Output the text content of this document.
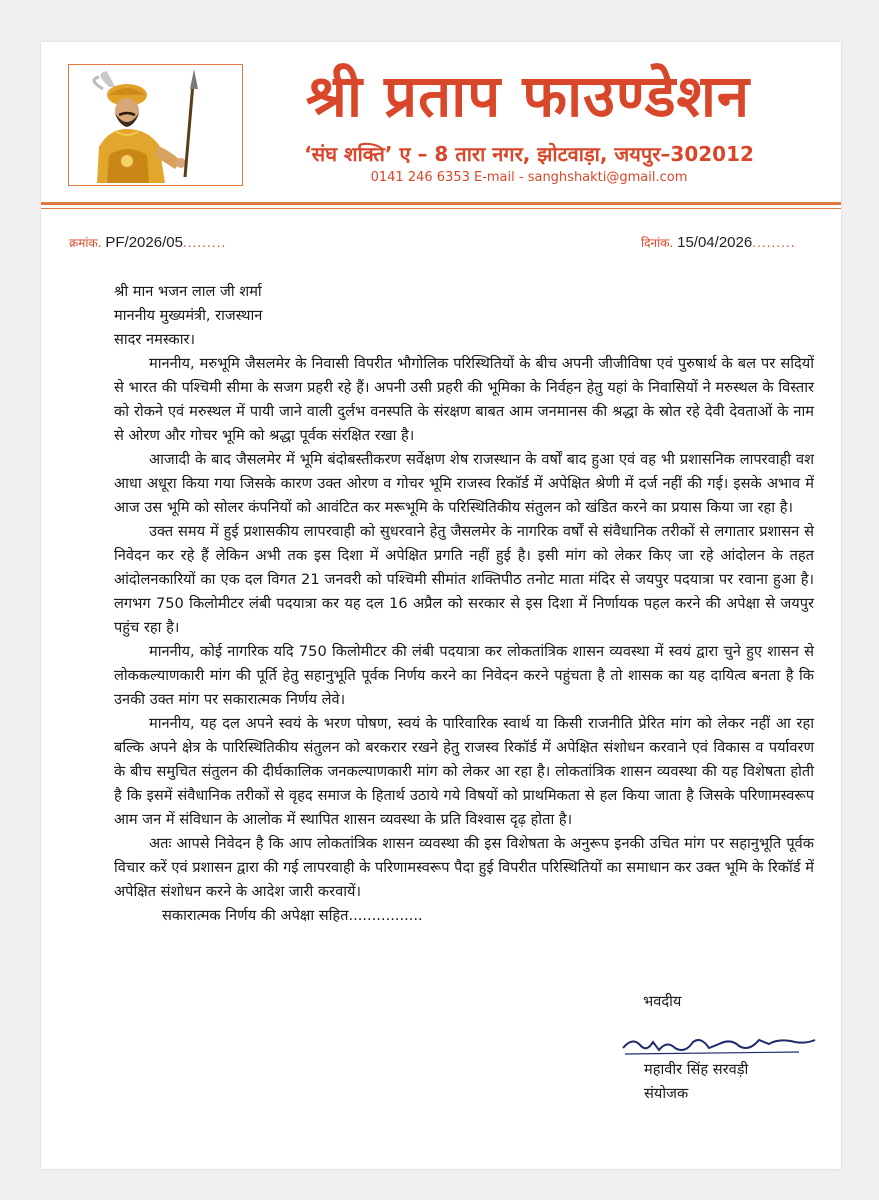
श्री प्रताप फाउण्डेशन
‘संघ शक्ति’ ए – 8 तारा नगर, झोटवाड़ा, जयपुर–302012
0141 246 6353 E-mail - sanghshakti@gmail.com
क्रमांक. PF/2026/05.........	दिनांक. 15/04/2026.........

श्री मान भजन लाल जी शर्मा

माननीय मुख्यमंत्री, राजस्थान

सादर नमस्कार।

माननीय, मरुभूमि जैसलमेर के निवासी विपरीत भौगोलिक परिस्थितियों के बीच अपनी जीजीविषा एवं पुरुषार्थ के बल पर सदियों से भारत की पश्चिमी सीमा के सजग प्रहरी रहे हैं। अपनी उसी प्रहरी की भूमिका के निर्वहन हेतु यहां के निवासियों ने मरुस्थल के विस्तार को रोकने एवं मरुस्थल में पायी जाने वाली दुर्लभ वनस्पति के संरक्षण बाबत आम जनमानस की श्रद्धा के स्रोत रहे देवी देवताओं के नाम से ओरण और गोचर भूमि को श्रद्धा पूर्वक संरक्षित रखा है।

आजादी के बाद जैसलमेर में भूमि बंदोबस्तीकरण सर्वेक्षण शेष राजस्थान के वर्षों बाद हुआ एवं वह भी प्रशासनिक लापरवाही वश आधा अधूरा किया गया जिसके कारण उक्त ओरण व गोचर भूमि राजस्व रिकॉर्ड में अपेक्षित श्रेणी में दर्ज नहीं की गई। इसके अभाव में आज उस भूमि को सोलर कंपनियों को आवंटित कर मरूभूमि के परिस्थितिकीय संतुलन को खंडित करने का प्रयास किया जा रहा है।

उक्त समय में हुई प्रशासकीय लापरवाही को सुधरवाने हेतु जैसलमेर के नागरिक वर्षों से संवैधानिक तरीकों से लगातार प्रशासन से निवेदन कर रहे हैं लेकिन अभी तक इस दिशा में अपेक्षित प्रगति नहीं हुई है। इसी मांग को लेकर किए जा रहे आंदोलन के तहत आंदोलनकारियों का एक दल विगत 21 जनवरी को पश्चिमी सीमांत शक्तिपीठ तनोट माता मंदिर से जयपुर पदयात्रा पर रवाना हुआ है। लगभग 750 किलोमीटर लंबी पदयात्रा कर यह दल 16 अप्रैल को सरकार से इस दिशा में निर्णायक पहल करने की अपेक्षा से जयपुर पहुंच रहा है।

माननीय, कोई नागरिक यदि 750 किलोमीटर की लंबी पदयात्रा कर लोकतांत्रिक शासन व्यवस्था में स्वयं द्वारा चुने हुए शासन से लोककल्याणकारी मांग की पूर्ति हेतु सहानुभूति पूर्वक निर्णय करने का निवेदन करने पहुंचता है तो शासक का यह दायित्व बनता है कि उनकी उक्त मांग पर सकारात्मक निर्णय लेवे।

माननीय, यह दल अपने स्वयं के भरण पोषण, स्वयं के पारिवारिक स्वार्थ या किसी राजनीति प्रेरित मांग को लेकर नहीं आ रहा बल्कि अपने क्षेत्र के पारिस्थितिकीय संतुलन को बरकरार रखने हेतु राजस्व रिकॉर्ड में अपेक्षित संशोधन करवाने एवं विकास व पर्यावरण के बीच समुचित संतुलन की दीर्घकालिक जनकल्याणकारी मांग को लेकर आ रहा है। लोकतांत्रिक शासन व्यवस्था की यह विशेषता होती है कि इसमें संवैधानिक तरीकों से वृहद समाज के हितार्थ उठाये गये विषयों को प्राथमिकता से हल किया जाता है जिसके परिणामस्वरूप आम जन में संविधान के आलोक में स्थापित शासन व्यवस्था के प्रति विश्वास दृढ़ होता है।

अतः आपसे निवेदन है कि आप लोकतांत्रिक शासन व्यवस्था की इस विशेषता के अनुरूप इनकी उचित मांग पर सहानुभूति पूर्वक विचार करें एवं प्रशासन द्वारा की गई लापरवाही के परिणामस्वरूप पैदा हुई विपरीत परिस्थितियों का समाधान कर उक्त भूमि के रिकॉर्ड में अपेक्षित संशोधन करने के आदेश जारी करवायें।

सकारात्मक निर्णय की अपेक्षा सहित................

भवदीय

महावीर सिंह सरवड़ी
संयोजक
